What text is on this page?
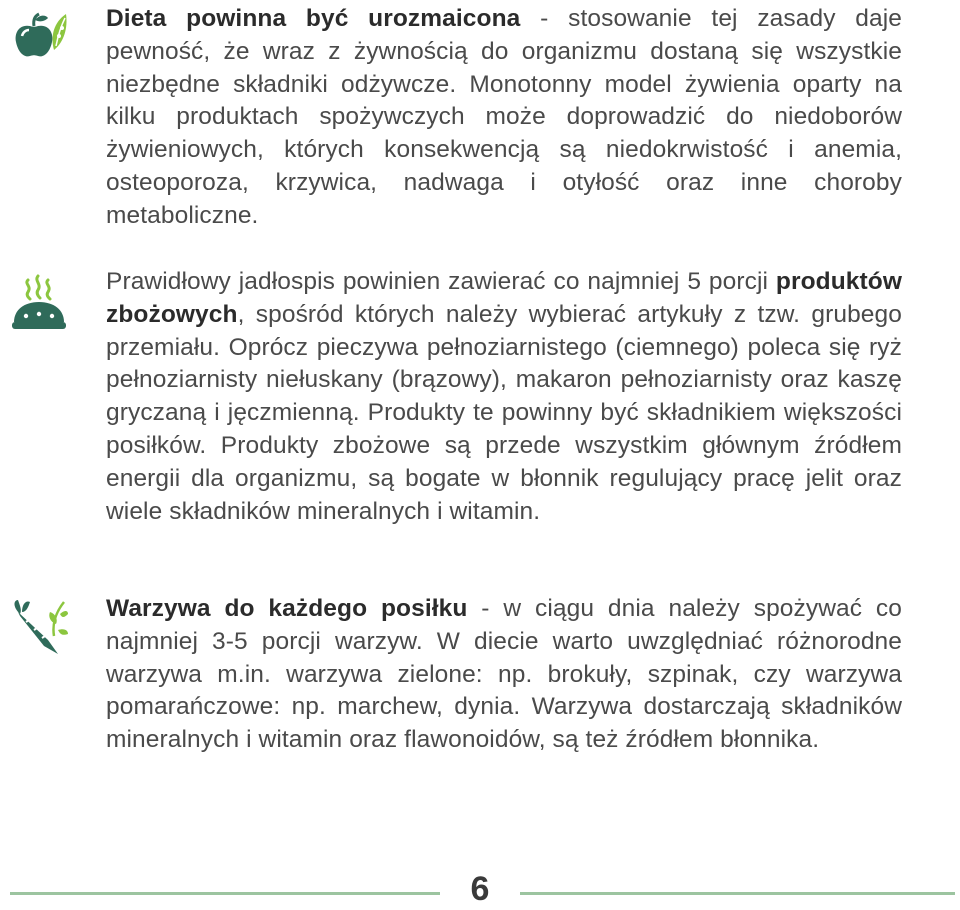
Dieta powinna być urozmaicona - stosowanie tej zasady daje pewność, że wraz z żywnością do organizmu dostaną się wszystkie niezbędne składniki odżywcze. Monotonny model żywienia oparty na kilku produktach spożywczych może doprowadzić do niedoborów żywieniowych, których konsekwencją są niedokrwistość i anemia, osteoporoza, krzywica, nadwaga i otyłość oraz inne choroby metaboliczne.
Prawidłowy jadłospis powinien zawierać co najmniej 5 porcji produktów zbożowych, spośród których należy wybierać artykuły z tzw. grubego przemiału. Oprócz pieczywa pełnoziarnistego (ciemnego) poleca się ryż pełnoziarnisty niełuskany (brązowy), makaron pełnoziarnisty oraz kaszę gryczaną i jęczmienną. Produkty te powinny być składnikiem większości posiłków. Produkty zbożowe są przede wszystkim głównym źródłem energii dla organizmu, są bogate w błonnik regulujący pracę jelit oraz wiele składników mineralnych i witamin.
Warzywa do każdego posiłku - w ciągu dnia należy spożywać co najmniej 3-5 porcji warzyw. W diecie warto uwzględniać różnorodne warzywa m.in. warzywa zielone: np. brokuły, szpinak, czy warzywa pomarańczowe: np. marchew, dynia. Warzywa dostarczają składników mineralnych i witamin oraz flawonoidów, są też źródłem błonnika.
6
